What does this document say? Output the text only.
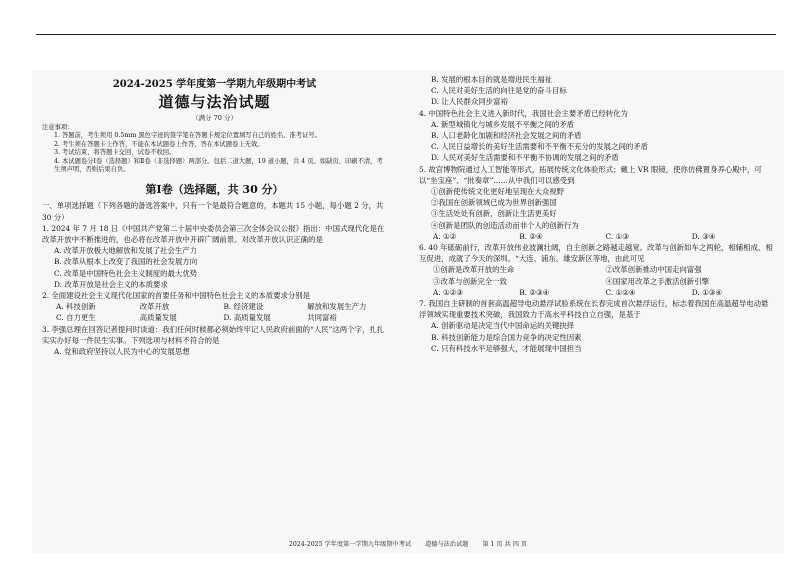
2024-2025 学年度第一学期九年级期中考试
道德与法治试题
（满分 70 分）
注意事项：
1. 答题前，考生须用 0.5mm 黑色字迹的签字笔在答题卡规定位置填写自己的姓名、准考证号。
2. 考生须在答题卡上作答，不能在本试题卷上作答，答在本试题卷上无效。
3. 考试结束，将答题卡交回，试卷不收回。
4. 本试题卷分Ⅰ卷（选择题）和Ⅱ卷（非选择题）两部分。包括二道大题，19 道小题，共 4 页。如缺页、印刷不清，考生须声明，否则后果自负。
第Ⅰ卷（选择题，共 30 分）
一、单项选择题（下列各题的备选答案中，只有一个是最符合题意的，本题共 15 小题，每小题 2 分，共 30 分）
1. 2024 年 7 月 18 日《中国共产党第二十届中央委员会第三次全体会议公报》指出：中国式现代化是在改革开放中不断推进的，也必将在改革开放中开辟广阔前景。对改革开放认识正确的是
A. 改革开放极大地解放和发展了社会生产力
B. 改革从根本上改变了我国的社会发展方向
C. 改革是中国特色社会主义制度的最大优势
D. 改革开放是社会主义的本质要求
2. 全面建设社会主义现代化国家的首要任务和中国特色社会主义的本质要求分别是
A. 科技创新	改革开放	B. 经济建设	解放和发展生产力
C. 自力更生	高质量发展	D. 高质量发展	共同富裕
3. 李强总理在回答记者提问时谈道：我们任何时候都必须始终牢记人民政府前面的“人民”这两个字，扎扎实实办好每一件民生实事。下列选项与材料不符合的是
A. 党和政府坚持以人民为中心的发展思想
B. 发展的根本目的就是增进民生福祉
C. 人民对美好生活的向往是党的奋斗目标
D. 让人民群众同步富裕
4. 中国特色社会主义进入新时代，我国社会主要矛盾已经转化为
A. 新型城镇化与城乡发展不平衡之间的矛盾
B. 人口老龄化加剧和经济社会发展之间的矛盾
C. 人民日益增长的美好生活需要和不平衡不充分的发展之间的矛盾
D. 人民对美好生活需要和不平衡不协调的发展之间的矛盾
5. 故宫博物院通过人工智能等形式，拓展传统文化体验形式；戴上 VR 眼镜，使你仿佛置身养心殿中，可以“坐宝座”、“批奏章”……从中我们可以感受到
①创新使传统文化更好地呈现在大众视野
②我国在创新领域已成为世界创新强国
③生活处处有创新，创新让生活更美好
④创新是团队的创造活动而非个人的创新行为
A. ①②	B. ②④	C. ①③	D. ③④
6. 40 年砥砺前行，改革开放伟业波澜壮阔，自主创新之路越走越宽。改革与创新如车之两轮，相辅相成、相互促进，成就了今天的深圳。“大连、浦东、雄安新区等地，由此可见
①创新是改革开放的生命	②改革创新推动中国走向富强
③改革与创新完全一致	④国家用改革之手激活创新引擎
A. ①②③	B. ②③④	C. ①②④	D. ①③④
7. 我国自主研制的首套高温超导电动悬浮试验系统在长春完成首次悬浮运行，标志着我国在高温超导电动悬浮领域实现重要技术突破，我国致力于高水平科技自立自强，是基于
A. 创新驱动是决定当代中国命运的关键抉择
B. 科技创新能力是综合国力竞争的决定性因素
C. 只有科技水平足够强大，才能展现中国担当
2024-2025 学年度第一学期九年级期中考试 道德与法治试题 第 1 页 共 四 页
